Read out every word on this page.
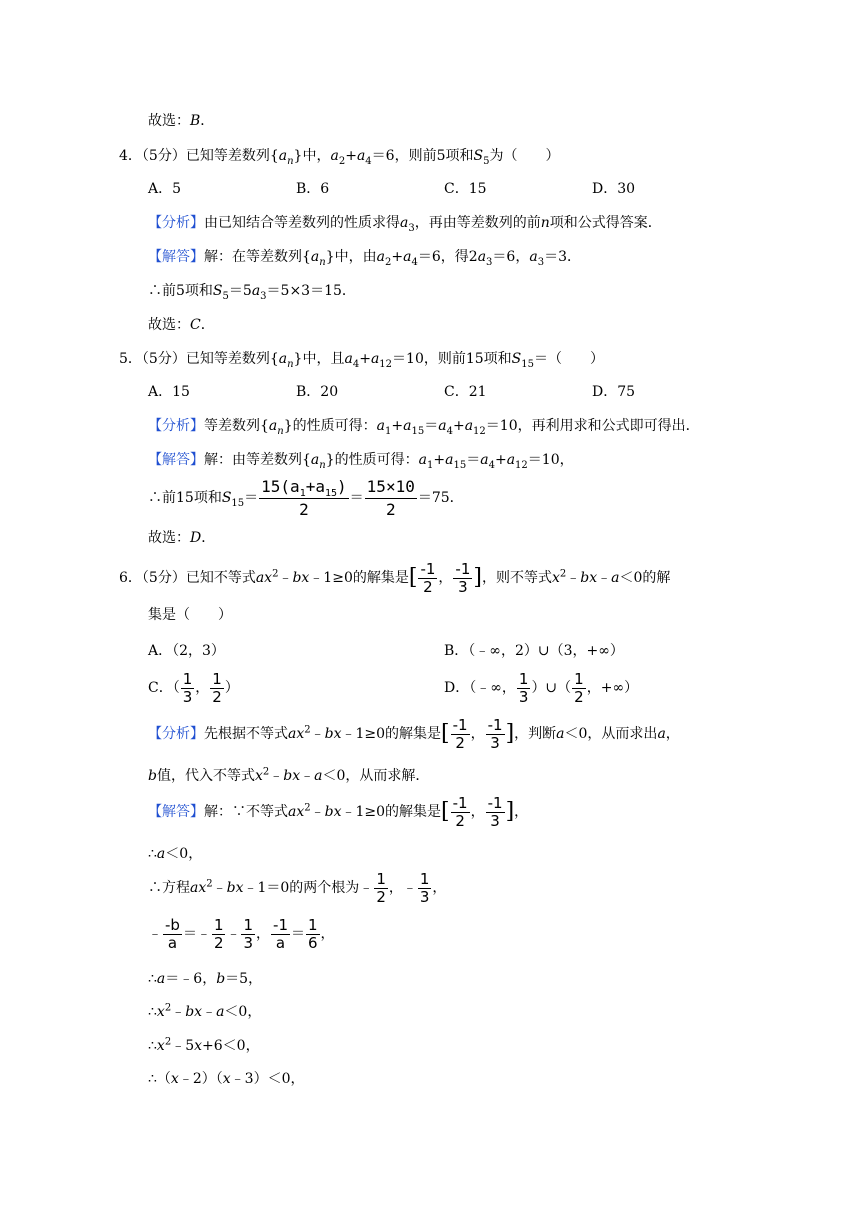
故选：B．
4．（5分）已知等差数列$\{a_n\}$中，$a_2+a_4=6$，则前5项和$S_5$为（　　）
A．5	B．6	C．15	D．30
【分析】由已知结合等差数列的性质求得$a_3$，再由等差数列的前n项和公式得答案．
【解答】解：在等差数列$\{a_n\}$中，由$a_2+a_4=6$，得$2a_3=6$，$a_3=3$．
∴前5项和$S_5=5a_3=5\times 3=15$．
故选：C．
5．（5分）已知等差数列$\{a_n\}$中，且$a_4+a_{12}=10$，则前15项和$S_{15}=$（　　）
A．15	B．20	C．21	D．75
【分析】等差数列$\{a_n\}$的性质可得：$a_1+a_{15}=a_4+a_{12}=10$，再利用求和公式即可得出．
【解答】解：由等差数列$\{a_n\}$的性质可得：$a_1+a_{15}=a_4+a_{12}=10$，
∴前15项和$S_{15}= \frac{15(a_1+a_{15})}{2} = \frac{15\times 10}{2} =75$．
故选：D．
6．（5分）已知不等式$ax^2﹣bx﹣1\ge 0$的解集是[ $\frac{-1}{2}$ ， $\frac{-1}{3}$ ]，则不等式$x^2﹣bx﹣a<0$的解
集是（　　）
A．（2，3）	B．（﹣∞，2）∪（3，+∞）
C．（ $\frac{1}{3}$ ， $\frac{1}{2}$ ）	D．（﹣∞， $\frac{1}{3}$ ）∪（ $\frac{1}{2}$ ，+∞）
【分析】先根据不等式$ax^2﹣bx﹣1\ge 0$的解集是[ $\frac{-1}{2}$ ， $\frac{-1}{3}$ ]，判断a＜0，从而求出a，
b值，代入不等式$x^2﹣bx﹣a<0$，从而求解．
【解答】解：∵不等式$ax^2﹣bx﹣1\ge 0$的解集是[ $\frac{-1}{2}$ ， $\frac{-1}{3}$ ]，
∴a＜0，
∴方程$ax^2﹣bx﹣1=0$的两个根为﹣ $\frac{1}{2}$ ，﹣ $\frac{1}{3}$ ，
﹣ $\frac{-b}{a}$ ＝﹣ $\frac{1}{2}$ ﹣ $\frac{1}{3}$ ， $\frac{-1}{a} = \frac{1}{6}$ ，
∴a＝﹣6，b＝5，
$\therefore x^2﹣bx﹣a<0$，
$\therefore x^2﹣5x+6<0$，
∴（x﹣2）（x﹣3）＜0，
